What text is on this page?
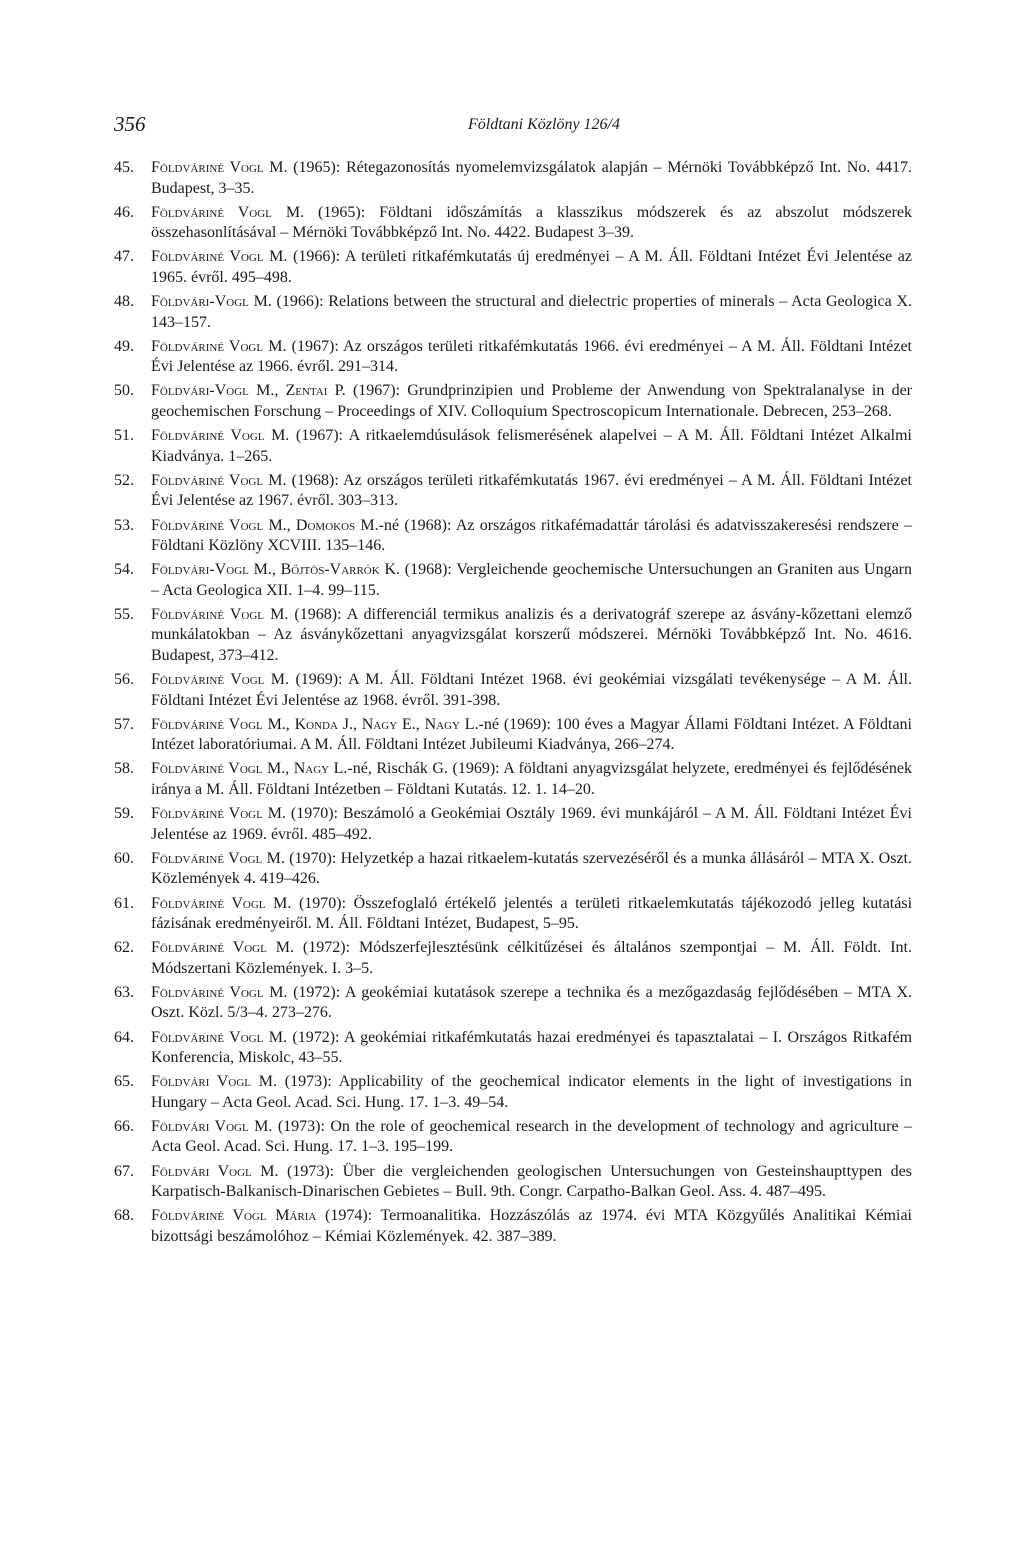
356	Földtani Közlöny 126/4
45. Földváriné Vogl M. (1965): Rétegazonosítás nyomelemvizsgálatok alapján – Mérnöki Továbbképző Int. No. 4417. Budapest, 3–35.
46. Földváriné Vogl M. (1965): Földtani időszámítás a klasszikus módszerek és az abszolut módszerek összehasonlításával – Mérnöki Továbbképző Int. No. 4422. Budapest 3–39.
47. Földváriné Vogl M. (1966): A területi ritkafémkutatás új eredményei – A M. Áll. Földtani Intézet Évi Jelentése az 1965. évről. 495–498.
48. Földvári-Vogl M. (1966): Relations between the structural and dielectric properties of minerals – Acta Geologica X. 143–157.
49. Földváriné Vogl M. (1967): Az országos területi ritkafémkutatás 1966. évi eredményei – A M. Áll. Földtani Intézet Évi Jelentése az 1966. évről. 291–314.
50. Földvári-Vogl M., Zentai P. (1967): Grundprinzipien und Probleme der Anwendung von Spektralanalyse in der geochemischen Forschung – Proceedings of XIV. Colloquium Spectroscopicum Internationale. Debrecen, 253–268.
51. Földváriné Vogl M. (1967): A ritkaelemdúsulások felismerésének alapelvei – A M. Áll. Földtani Intézet Alkalmi Kiadványa. 1–265.
52. Földváriné Vogl M. (1968): Az országos területi ritkafémkutatás 1967. évi eredményei – A M. Áll. Földtani Intézet Évi Jelentése az 1967. évről. 303–313.
53. Földváriné Vogl M., Domokos M.-né (1968): Az országos ritkafémadattár tárolási és adatvisszakeresési rendszere – Földtani Közlöny XCVIII. 135–146.
54. Földvári-Vogl M., Bőjtös-Varrók K. (1968): Vergleichende geochemische Untersuchungen an Graniten aus Ungarn – Acta Geologica XII. 1–4. 99–115.
55. Földváriné Vogl M. (1968): A differenciál termikus analizis és a derivatográf szerepe az ásvány-kőzettani elemző munkálatokban – Az ásványkőzettani anyagvizsgálat korszerű módszerei. Mérnöki Továbbképző Int. No. 4616. Budapest, 373–412.
56. Földváriné Vogl M. (1969): A M. Áll. Földtani Intézet 1968. évi geokémiai vizsgálati tevékenysége – A M. Áll. Földtani Intézet Évi Jelentése az 1968. évről. 391-398.
57. Földváriné Vogl M., Konda J., Nagy E., Nagy L.-né (1969): 100 éves a Magyar Állami Földtani Intézet. A Földtani Intézet laboratóriumai. A M. Áll. Földtani Intézet Jubileumi Kiadványa, 266–274.
58. Földváriné Vogl M., Nagy L.-né, Rischák G. (1969): A földtani anyagvizsgálat helyzete, eredményei és fejlődésének iránya a M. Áll. Földtani Intézetben – Földtani Kutatás. 12. 1. 14–20.
59. Földváriné Vogl M. (1970): Beszámoló a Geokémiai Osztály 1969. évi munkájáról – A M. Áll. Földtani Intézet Évi Jelentése az 1969. évről. 485–492.
60. Földváriné Vogl M. (1970): Helyzetkép a hazai ritkaelem-kutatás szervezéséről és a munka állásáról – MTA X. Oszt. Közlemények 4. 419–426.
61. Földváriné Vogl M. (1970): Összefoglaló értékelő jelentés a területi ritkaelemkutatás tájékozodó jelleg kutatási fázisának eredményeiről. M. Áll. Földtani Intézet, Budapest, 5–95.
62. Földváriné Vogl M. (1972): Módszerfejlesztésünk célkitűzései és általános szempontjai – M. Áll. Földt. Int. Módszertani Közlemények. I. 3–5.
63. Földváriné Vogl M. (1972): A geokémiai kutatások szerepe a technika és a mezőgazdaság fejlődésében – MTA X. Oszt. Közl. 5/3–4. 273–276.
64. Földváriné Vogl M. (1972): A geokémiai ritkafémkutatás hazai eredményei és tapasztalatai – I. Országos Ritkafém Konferencia, Miskolc, 43–55.
65. Földvári Vogl M. (1973): Applicability of the geochemical indicator elements in the light of investigations in Hungary – Acta Geol. Acad. Sci. Hung. 17. 1–3. 49–54.
66. Földvári Vogl M. (1973): On the role of geochemical research in the development of technology and agriculture – Acta Geol. Acad. Sci. Hung. 17. 1–3. 195–199.
67. Földvári Vogl M. (1973): Über die vergleichenden geologischen Untersuchungen von Gesteinshaupttypen des Karpatisch-Balkanisch-Dinarischen Gebietes – Bull. 9th. Congr. Carpatho-Balkan Geol. Ass. 4. 487–495.
68. Földváriné Vogl Mária (1974): Termoanalitika. Hozzászólás az 1974. évi MTA Közgyűlés Analitikai Kémiai bizottsági beszámolóhoz – Kémiai Közlemények. 42. 387–389.
